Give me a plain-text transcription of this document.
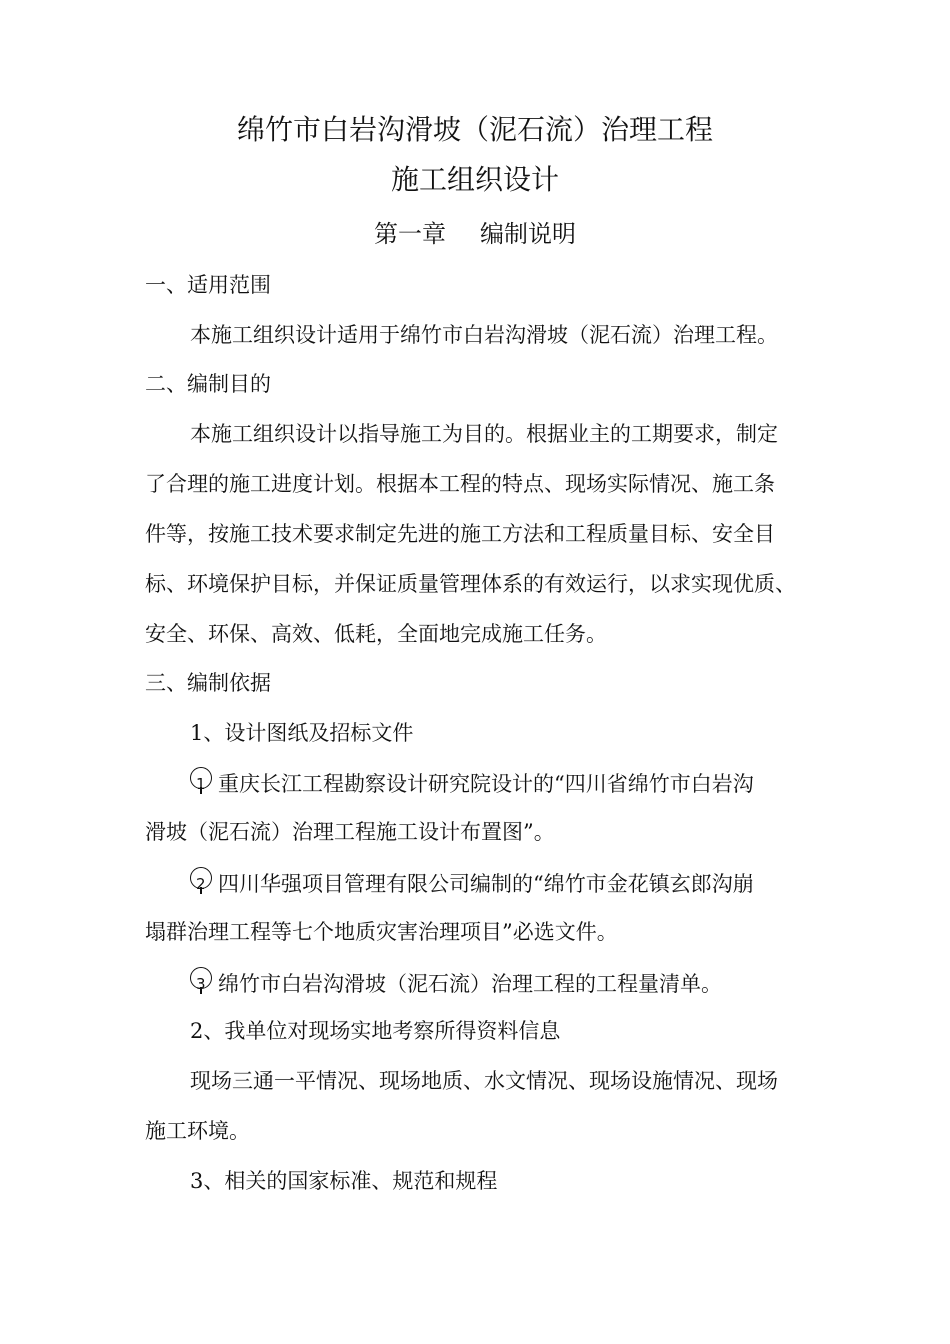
绵竹市白岩沟滑坡（泥石流）治理工程
施工组织设计
第一章 编制说明
一、适用范围
本施工组织设计适用于绵竹市白岩沟滑坡（泥石流）治理工程。
二、编制目的
本施工组织设计以指导施工为目的。根据业主的工期要求，制定
了合理的施工进度计划。根据本工程的特点、现场实际情况、施工条
件等，按施工技术要求制定先进的施工方法和工程质量目标、安全目
标、环境保护目标，并保证质量管理体系的有效运行，以求实现优质、
安全、环保、高效、低耗，全面地完成施工任务。
三、编制依据
1、设计图纸及招标文件
1 重庆长江工程勘察设计研究院设计的“四川省绵竹市白岩沟
滑坡（泥石流）治理工程施工设计布置图”。
2 四川华强项目管理有限公司编制的“绵竹市金花镇玄郎沟崩
塌群治理工程等七个地质灾害治理项目”必选文件。
3 绵竹市白岩沟滑坡（泥石流）治理工程的工程量清单。
2、我单位对现场实地考察所得资料信息
现场三通一平情况、现场地质、水文情况、现场设施情况、现场
施工环境。
3、相关的国家标准、规范和规程
